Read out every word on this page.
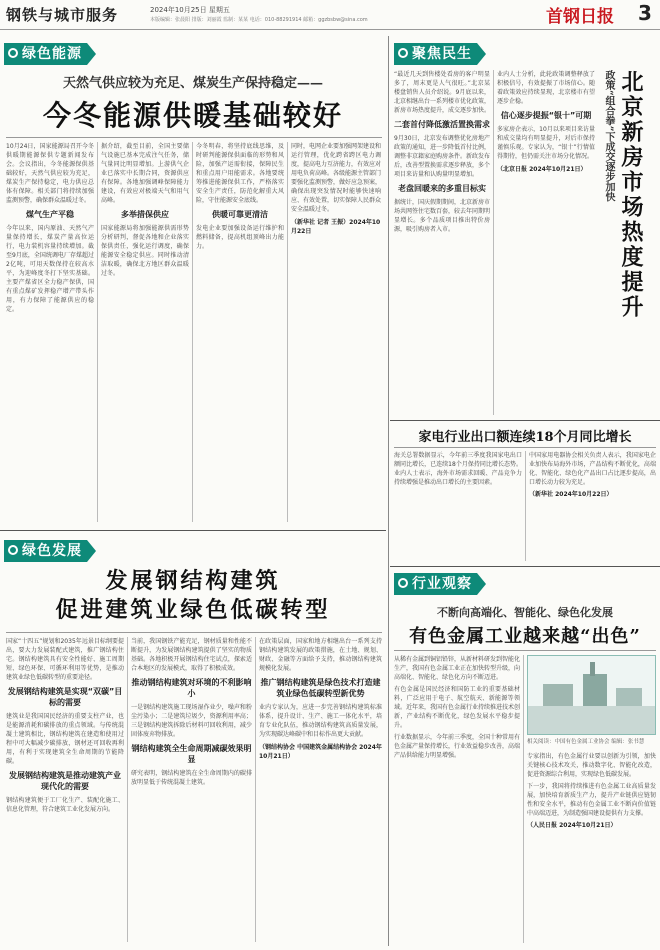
钢铁与城市服务	2024年10月25日 星期五
本版编辑：张晨阳 排版：刘丽霞 监制：某某 电话：010-88291914 邮箱：ggzbsbw@sina.com	首钢日报 3
绿色能源
天然气供应较为充足、煤炭生产保持稳定——
今冬能源供暖基础较好

10月24日，国家能源局召开今冬供暖期能源保供专题新闻发布会。会议指出，今冬能源保供基础较好，天然气供应较为充足，煤炭生产保持稳定，电力供应总体有保障。相关部门将持续加强监测预警，确保群众温暖过冬。

煤气生产平稳

今年以来，国内原油、天然气产量保持增长，煤炭产量高位运行，电力装机容量持续增加。截至9月底，全国统调电厂存煤超过2亿吨，可用天数保持在较高水平，为迎峰度冬打下坚实基础。主要产煤省区全力稳产保供，国有重点煤矿发挥稳产增产带头作用，有力保障了能源供应的稳定。

据介绍，截至目前，全国主要储气设施已基本完成注气任务，储气量同比明显增加。上游供气企业已落实中长期合同，资源供应有保障。各地加强调峰保障能力建设，有效应对极端天气和用气高峰。

多举措保供应

国家能源局将加强能源供需形势分析研判，督促各地和企业落实保供责任，强化运行调度，确保能源安全稳定供应。同时推动清洁取暖，确保北方地区群众温暖过冬。

今冬明春，将坚持底线思维，及时研判能源保供面临的形势和风险，加强产运需衔接，保障民生和重点用户用能需求。各地要统筹推进能源保供工作，严格落实安全生产责任，防范化解重大风险，守住能源安全底线。

供暖可靠更清洁

发电企业要加强设备运行维护和燃料储备，提高机组顶峰出力能力。

同时，电网企业要加强网架建设和运行管理，优化跨省跨区电力调度，提高电力互济能力，有效应对用电负荷高峰。各级能源主管部门要强化监测预警，做好应急预案，确保出现突发情况时能够快速响应、有效处置，切实保障人民群众安全温暖过冬。

（新华社 记者 王振）2024年10月22日

绿色发展
发展钢结构建筑
促进建筑业绿色低碳转型

国家“十四五”规划和2035年远景目标纲要提出，要大力发展装配式建筑，推广钢结构住宅。钢结构建筑具有安全性能好、施工周期短、绿色环保、可循环利用等优势，是推动建筑业绿色低碳转型的重要途径。

发展钢结构建筑是实现“双碳”目标的需要

建筑业是我国国民经济的重要支柱产业，也是能源消耗和碳排放的重点领域。与传统混凝土建筑相比，钢结构建筑在建造和使用过程中可大幅减少碳排放，钢材还可回收再利用，有利于实现建筑全生命周期的节能降碳。

发展钢结构建筑是推动建筑产业现代化的需要

钢结构建筑便于工厂化生产、装配化施工、信息化管理，符合建筑工业化发展方向。

当前，我国钢铁产能充足，钢材质量和性能不断提升，为发展钢结构建筑提供了坚实的物质基础。各地积极开展钢结构住宅试点，探索适合本地区的发展模式，取得了积极成效。

推动钢结构建筑对环境的不利影响小

一是钢结构建筑施工现场湿作业少，噪声和粉尘污染小；二是建筑垃圾少，资源利用率高；三是钢结构建筑拆除后材料可回收利用，减少固体废弃物排放。

钢结构建筑全生命周期减碳效果明显

研究表明，钢结构建筑在全生命周期内的碳排放明显低于传统混凝土建筑。

在政策层面，国家和地方相继出台一系列支持钢结构建筑发展的政策措施，在土地、规划、财政、金融等方面给予支持，推动钢结构建筑规模化发展。

推广钢结构建筑是绿色技术打造建筑业绿色低碳转型新优势

业内专家认为，应进一步完善钢结构建筑标准体系，提升设计、生产、施工一体化水平，培育专业化队伍，推动钢结构建筑高质量发展，为实现碳达峰碳中和目标作出更大贡献。

（钢结构协会 中国建筑金属结构协会 2024年10月21日）

聚焦民生

“最近几天到售楼处看房的客户明显多了，周末更是人气很旺。”北京某楼盘销售人员介绍说。9月底以来，北京相继出台一系列楼市优化政策，新房市场热度提升，成交逐步加快。

二套首付降低激活置换需求

9月30日，北京发布调整优化房地产政策的通知，进一步降低首付比例，调整非京籍家庭购房条件。新政发布后，改善型置换需求逐步释放，多个项目来访量和认购量明显增加。

老盘回暖来的多重目标实

据统计，国庆假期期间，北京新房市场共网签住宅数百套，较去年同期明显增长。多个品质项目推出特价房源，吸引购房者入市。

业内人士分析，此轮政策调整释放了积极信号，有效提振了市场信心。随着政策效应持续显现，北京楼市有望逐步企稳。

信心逐步提振“银十”可期

多家房企表示，10月以来项目来访量和成交量均有明显提升，对后市保持谨慎乐观。专家认为，“银十”行情值得期待，但仍需关注市场分化情况。

（北京日报 2024年10月21日）	政策“组合拳”下成交逐步加快 北京新房市场热度提升
家电行业出口额连续18个月同比增长

海关总署数据显示，今年前三季度我国家电出口额同比增长，已连续18个月保持同比增长态势。业内人士表示，海外市场需求回暖、产品竞争力持续增强是推动出口增长的主要因素。

中国家用电器协会相关负责人表示，我国家电企业加快布局海外市场，产品结构不断优化，高端化、智能化、绿色化产品出口占比逐步提高，出口增长动力较为充足。

（新华社 2024年10月22日）

行业观察
不断向高端化、智能化、绿色化发展
有色金属工业越来越“出色”

从稀有金属到铜铝铅锌，从新材料研发到智能化生产，我国有色金属工业正在加快转型升级，向高端化、智能化、绿色化方向不断迈进。

有色金属是国民经济和国防工业的重要基础材料，广泛应用于电子、航空航天、新能源等领域。近年来，我国有色金属行业持续推进技术创新，产业结构不断优化，绿色发展水平稳步提升。

行业数据显示，今年前三季度，全国十种常用有色金属产量保持增长，行业效益稳步改善，高端产品供给能力明显增强。

相关阅读：中国有色金属工业协会 编辑：张书慧

专家指出，有色金属行业要以创新为引领，加快关键核心技术攻关，推动数字化、智能化改造，促进资源综合利用，实现绿色低碳发展。

下一步，我国将持续推进有色金属工业高质量发展，加快培育新质生产力，提升产业链供应链韧性和安全水平，推动有色金属工业不断向价值链中高端迈进，为制造强国建设提供有力支撑。

（人民日报 2024年10月21日）
